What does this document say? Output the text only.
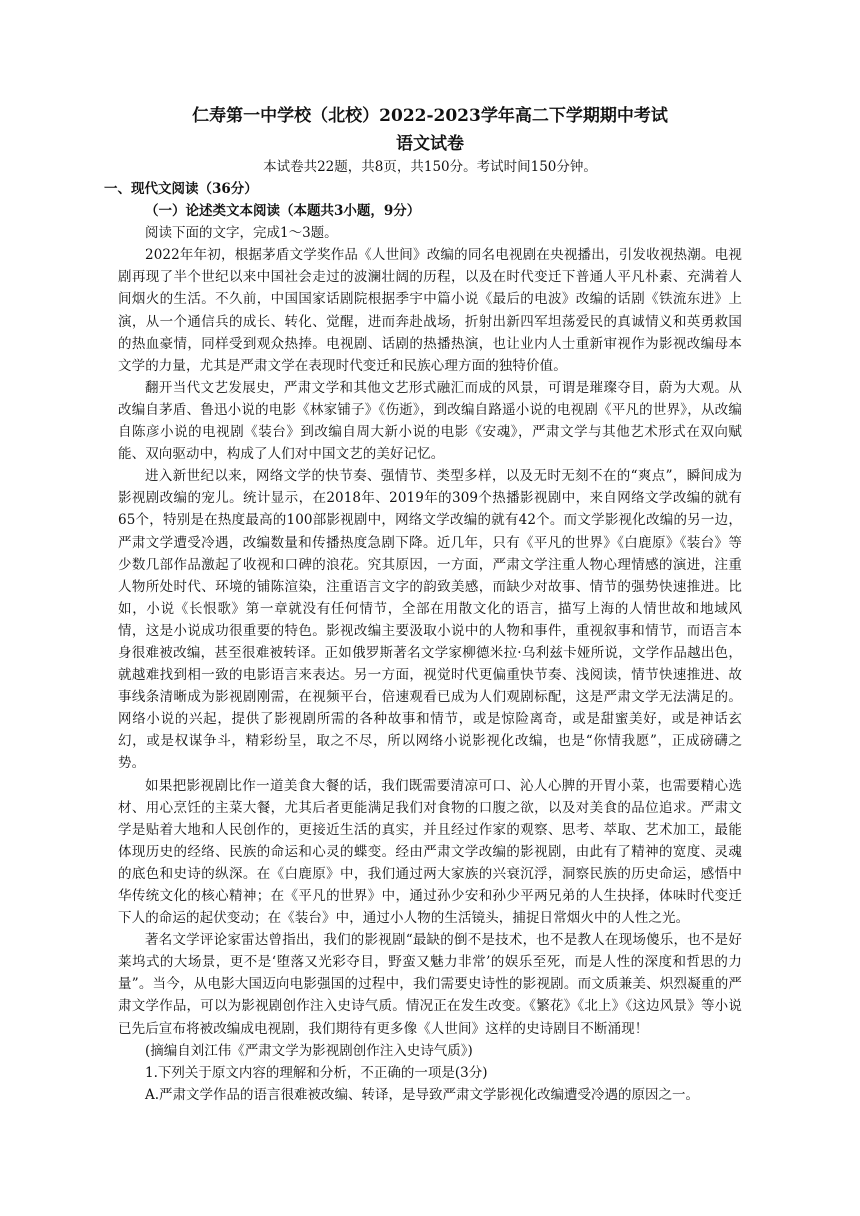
仁寿第一中学校（北校）2022-2023学年高二下学期期中考试
语文试卷
本试卷共22题，共8页，共150分。考试时间150分钟。

一、现代文阅读（36分）

（一）论述类文本阅读（本题共3小题，9分）

阅读下面的文字，完成1～3题。

2022年年初，根据茅盾文学奖作品《人世间》改编的同名电视剧在央视播出，引发收视热潮。电视剧再现了半个世纪以来中国社会走过的波澜壮阔的历程，以及在时代变迁下普通人平凡朴素、充满着人间烟火的生活。不久前，中国国家话剧院根据季宇中篇小说《最后的电波》改编的话剧《铁流东进》上演，从一个通信兵的成长、转化、觉醒，进而奔赴战场，折射出新四军坦荡爱民的真诚情义和英勇救国的热血豪情，同样受到观众热捧。电视剧、话剧的热播热演，也让业内人士重新审视作为影视改编母本文学的力量，尤其是严肃文学在表现时代变迁和民族心理方面的独特价值。

翻开当代文艺发展史，严肃文学和其他文艺形式融汇而成的风景，可谓是璀璨夺目，蔚为大观。从改编自茅盾、鲁迅小说的电影《林家铺子》《伤逝》，到改编自路遥小说的电视剧《平凡的世界》，从改编自陈彦小说的电视剧《装台》到改编自周大新小说的电影《安魂》，严肃文学与其他艺术形式在双向赋能、双向驱动中，构成了人们对中国文艺的美好记忆。

进入新世纪以来，网络文学的快节奏、强情节、类型多样，以及无时无刻不在的“爽点”，瞬间成为影视剧改编的宠儿。统计显示，在2018年、2019年的309个热播影视剧中，来自网络文学改编的就有65个，特别是在热度最高的100部影视剧中，网络文学改编的就有42个。而文学影视化改编的另一边，严肃文学遭受冷遇，改编数量和传播热度急剧下降。近几年，只有《平凡的世界》《白鹿原》《装台》等少数几部作品激起了收视和口碑的浪花。究其原因，一方面，严肃文学注重人物心理情感的演进，注重人物所处时代、环境的铺陈渲染，注重语言文字的韵致美感，而缺少对故事、情节的强势快速推进。比如，小说《长恨歌》第一章就没有任何情节，全部在用散文化的语言，描写上海的人情世故和地域风情，这是小说成功很重要的特色。影视改编主要汲取小说中的人物和事件，重视叙事和情节，而语言本身很难被改编，甚至很难被转译。正如俄罗斯著名文学家柳德米拉·乌利兹卡娅所说，文学作品越出色，就越难找到相一致的电影语言来表达。另一方面，视觉时代更偏重快节奏、浅阅读，情节快速推进、故事线条清晰成为影视剧刚需，在视频平台，倍速观看已成为人们观剧标配，这是严肃文学无法满足的。网络小说的兴起，提供了影视剧所需的各种故事和情节，或是惊险离奇，或是甜蜜美好，或是神话玄幻，或是权谋争斗，精彩纷呈，取之不尽，所以网络小说影视化改编，也是“你情我愿”，正成磅礴之势。

如果把影视剧比作一道美食大餐的话，我们既需要清凉可口、沁人心脾的开胃小菜，也需要精心选材、用心烹饪的主菜大餐，尤其后者更能满足我们对食物的口腹之欲，以及对美食的品位追求。严肃文学是贴着大地和人民创作的，更接近生活的真实，并且经过作家的观察、思考、萃取、艺术加工，最能体现历史的经络、民族的命运和心灵的蝶变。经由严肃文学改编的影视剧，由此有了精神的宽度、灵魂的底色和史诗的纵深。在《白鹿原》中，我们通过两大家族的兴衰沉浮，洞察民族的历史命运，感悟中华传统文化的核心精神；在《平凡的世界》中，通过孙少安和孙少平两兄弟的人生抉择，体味时代变迁下人的命运的起伏变动；在《装台》中，通过小人物的生活镜头，捕捉日常烟火中的人性之光。

著名文学评论家雷达曾指出，我们的影视剧“最缺的倒不是技术，也不是教人在现场傻乐，也不是好莱坞式的大场景，更不是‘堕落又光彩夺目，野蛮又魅力非常’的娱乐至死，而是人性的深度和哲思的力量”。当今，从电影大国迈向电影强国的过程中，我们需要史诗性的影视剧。而文质兼美、炽烈凝重的严肃文学作品，可以为影视剧创作注入史诗气质。情况正在发生改变。《繁花》《北上》《这边风景》等小说已先后宣布将被改编成电视剧，我们期待有更多像《人世间》这样的史诗剧目不断涌现！

(摘编自刘江伟《严肃文学为影视剧创作注入史诗气质》)

1.下列关于原文内容的理解和分析，不正确的一项是(3分)

A.严肃文学作品的语言很难被改编、转译，是导致严肃文学影视化改编遭受冷遇的原因之一。
